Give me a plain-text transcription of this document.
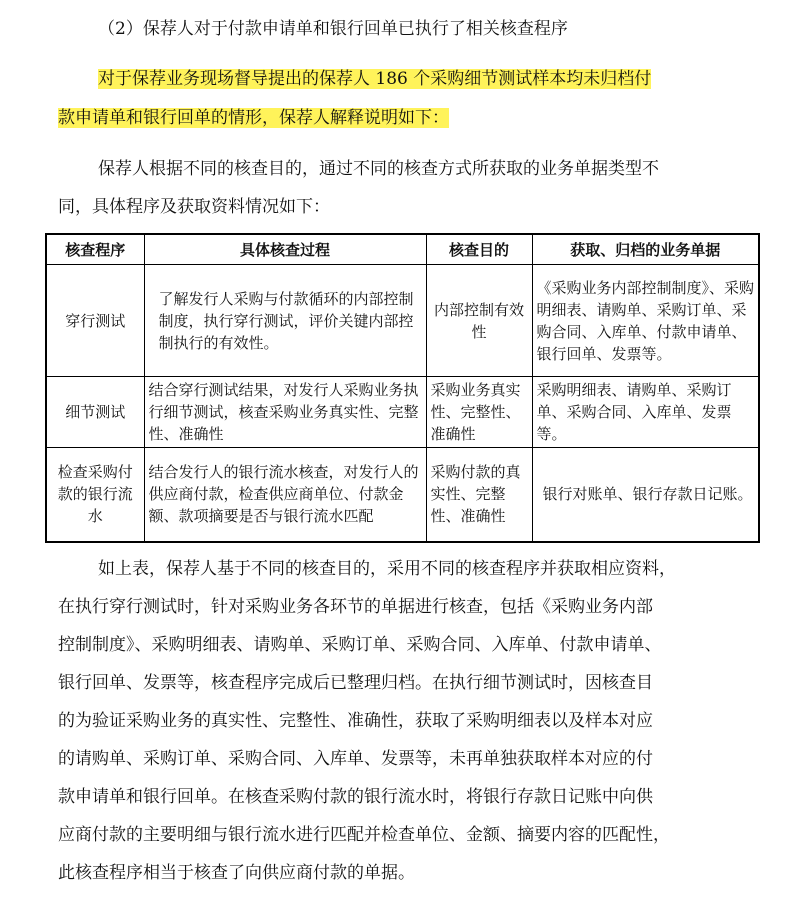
（2）保荐人对于付款申请单和银行回单已执行了相关核查程序
对于保荐业务现场督导提出的保荐人 186 个采购细节测试样本均未归档付
款申请单和银行回单的情形，保荐人解释说明如下：
保荐人根据不同的核查目的，通过不同的核查方式所获取的业务单据类型不
同，具体程序及获取资料情况如下：
核查程序	具体核查过程	核查目的	获取、归档的业务单据
穿行测试	了解发行人采购与付款循环的内部控制制度，执行穿行测试，评价关键内部控制执行的有效性。	内部控制有效性	《采购业务内部控制制度》、采购明细表、请购单、采购订单、采购合同、入库单、付款申请单、银行回单、发票等。
细节测试	结合穿行测试结果，对发行人采购业务执行细节测试，核查采购业务真实性、完整性、准确性	采购业务真实性、完整性、准确性	采购明细表、请购单、采购订单、采购合同、入库单、发票等。
检查采购付款的银行流水	结合发行人的银行流水核查，对发行人的供应商付款，检查供应商单位、付款金额、款项摘要是否与银行流水匹配	采购付款的真实性、完整性、准确性	银行对账单、银行存款日记账。
如上表，保荐人基于不同的核查目的，采用不同的核查程序并获取相应资料，
在执行穿行测试时，针对采购业务各环节的单据进行核查，包括《采购业务内部
控制制度》、采购明细表、请购单、采购订单、采购合同、入库单、付款申请单、
银行回单、发票等，核查程序完成后已整理归档。在执行细节测试时，因核查目
的为验证采购业务的真实性、完整性、准确性，获取了采购明细表以及样本对应
的请购单、采购订单、采购合同、入库单、发票等，未再单独获取样本对应的付
款申请单和银行回单。在核查采购付款的银行流水时，将银行存款日记账中向供
应商付款的主要明细与银行流水进行匹配并检查单位、金额、摘要内容的匹配性，
此核查程序相当于核查了向供应商付款的单据。
